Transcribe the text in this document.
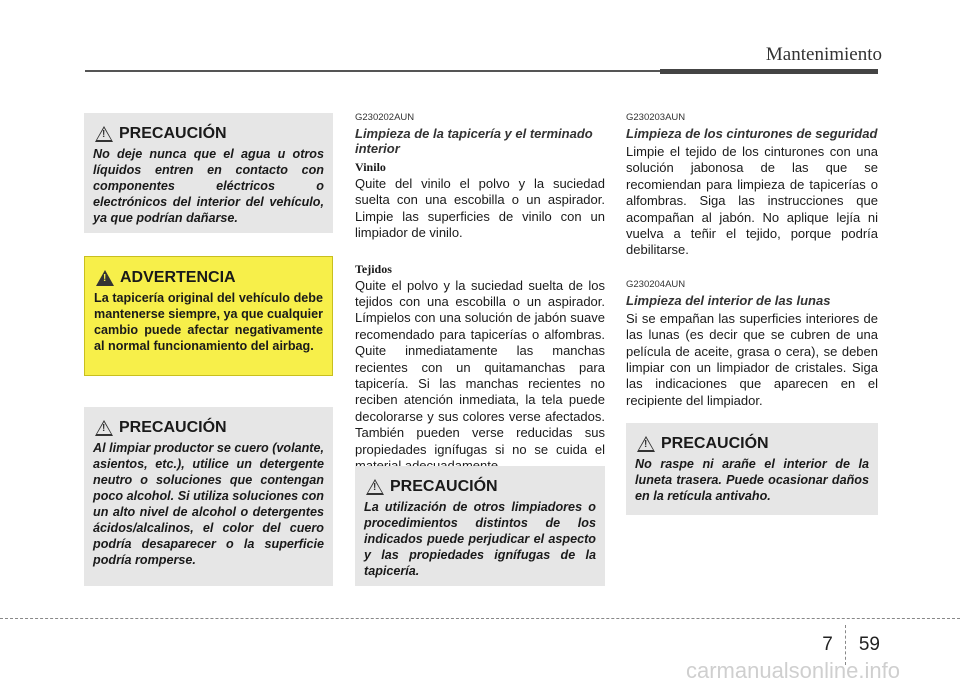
Mantenimiento
! PRECAUCIÓN
No deje nunca que el agua u otros líquidos entren en contacto con componentes eléctricos o electrónicos del interior del vehículo, ya que podrían dañarse.
! ADVERTENCIA
La tapicería original del vehículo debe mantenerse siempre, ya que cualquier cambio puede afectar negativamente al normal funcionamiento del airbag.
! PRECAUCIÓN
Al limpiar productor se cuero (volante, asientos, etc.), utilice un detergente neutro o soluciones que contengan poco alcohol. Si utiliza soluciones con un alto nivel de alcohol o detergentes ácidos/alcalinos, el color del cuero podría desaparecer o la superficie podría romperse.
G230202AUN
Limpieza de la tapicería y el terminado interior
Vinilo

Quite del vinilo el polvo y la suciedad suelta con una escobilla o un aspirador. Limpie las superficies de vinilo con un limpiador de vinilo.

Tejidos

Quite el polvo y la suciedad suelta de los tejidos con una escobilla o un aspirador. Límpielos con una solución de jabón suave recomendado para tapicerías o alfombras. Quite inmediatamente las manchas recientes con un quitamanchas para tapicería. Si las manchas recientes no reciben atención inmediata, la tela puede decolorarse y sus colores verse afectados. También pueden verse reducidas sus propiedades ignífugas si no se cuida el

! PRECAUCIÓN
La utilización de otros limpiadores o procedimientos distintos de los indicados puede perjudicar el aspecto y las propiedades ignífugas de la tapicería.
G230203AUN
Limpieza de los cinturones de seguridad

Limpie el tejido de los cinturones con una solución jabonosa de las que se recomiendan para limpieza de tapicerías o alfombras. Siga las instrucciones que acompañan al jabón. No aplique lejía ni vuelva a teñir el tejido, porque podría debilitarse.

G230204AUN
Limpieza del interior de las lunas

Si se empañan las superficies interiores de las lunas (es decir que se cubren de una película de aceite, grasa o cera), se deben limpiar con un limpiador de cristales. Siga las indicaciones que aparecen en el recipiente del limpiador.

! PRECAUCIÓN
No raspe ni arañe el interior de la luneta trasera. Puede ocasionar daños en la retícula antivaho.
7 59
carmanualsonline.info
